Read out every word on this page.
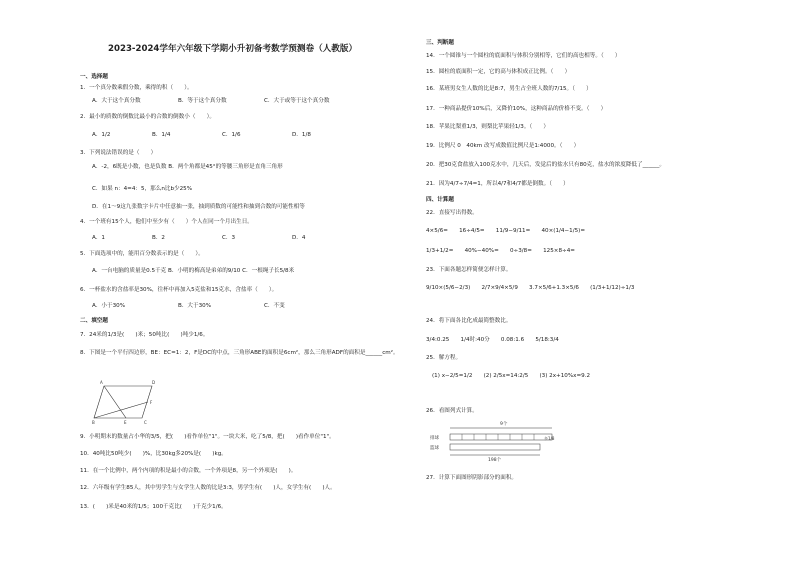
2023-2024学年六年级下学期小升初备考数学预测卷（人教版）
一、选择题
1．一个真分数乘假分数，乘得的积（　　）。
A．大于这个真分数	B．等于这个真分数	C．大于或等于这个真分数
2．最小的质数的倒数比最小的合数的倒数小（　　）。
A．1/2	B．1/4	C．1/6	D．1/8
3．下列说法错误的是（　　）
A．-2，6既是小数，也是负数 B．两个角都是45°的等腰三角形是直角三角形
C．如果 n：4=4：5，那么n比b少25%
D．在1～9这九张数字卡片中任意抽一张，抽到质数的可能性和抽到合数的可能性相等
4．一个班有15个人，他们中至少有（　　）个人在同一个月出生日。
A．1	B．2	C．3	D．4
5．下面选项中的，能用百分数表示的是（　　）。
A．一台电脑的质量是0.5千克 B．小明的梅高是弟弟的9/10 C．一根绳子长5/8米
6．一杯盐水的含盐率是30%，往杯中再加入5克盐和15克水，含盐率（　　）。
A．小于30%	B．大于30%	C．不变
二、填空题
7．24米的1/3是(　　)米；50吨比(　　)吨少1/6。
8．下图是一个平行四边形，BE：EC=1：2，F是DC的中点，三角形ABE的面积是6cm²，那么三角形ADF的面积是______cm²。
A	D
B	C
E
F
9．小明期末的数量占小华的3/5，把(　　)看作单位"1"。一块大米，吃了5/8，把(　　)看作单位"1"。
10．40吨比50吨少(　　)%，比30kg多20%是(　　)kg。
11．在一个比例中，两个内项的积是最小的合数，一个外项是8，另一个外项是(　　)。
12．六年级有学生85人，其中男学生与女学生人数的比是3:3，男学生有(　　)人，女学生有(　　)人。
13．(　　)米是40米的1/5；100千克比(　　)千克少1/6。
三、判断题
14．一个圆锥与一个圆柱的底面积与体积分别相等，它们的高也相等。（　　）
15．圆柱的底面积一定，它的高与体积成正比例。（　　）
16．某班男女生人数的比是8:7，男生占全班人数的7/15。（　　）
17．一种商品提价10%后，又降价10%，这种商品的价格不变。（　　）
18．苹果比梨重1/3，则梨比苹果轻1/3。（　　）
19．比例尺 0　40km 改写成数值比例尺是1:4000。（　　）
20．把30克食盐放入100克水中，几天后，发觉后的盐水只有80克，盐水的浓度降低了______。
21．因为4/7÷7/4=1，所以4/7和4/7都是倒数。（　　）
四、计算题
22．直接写出得数。
4×5/6=　　16÷4/5=　　11/9−9/11=　　40×(1/4−1/5)=
1/3+1/2=　　40%−40%=　　0÷3/8=　　125×8÷4=
23．下面各题怎样简便怎样计算。
9/10×(5/6−2/3)　　2/7×9/4×5/9　　3.7×5/6+1.3×5/6　　(1/3+1/12)÷1/3
24．将下面各比化成最简整数比。
3/4:0.25　　1/4时:40分　　0.08:1.6　　5/18:3/4
25．解方程。
(1) x−2/5=1/2　　(2) 2/5x=14:2/5　　(3) 2x+10%x=9.2
26．看图列式计算。
9个
排球
篮球
多1/8
198个
27．计算下面图形阴影部分的面积。
